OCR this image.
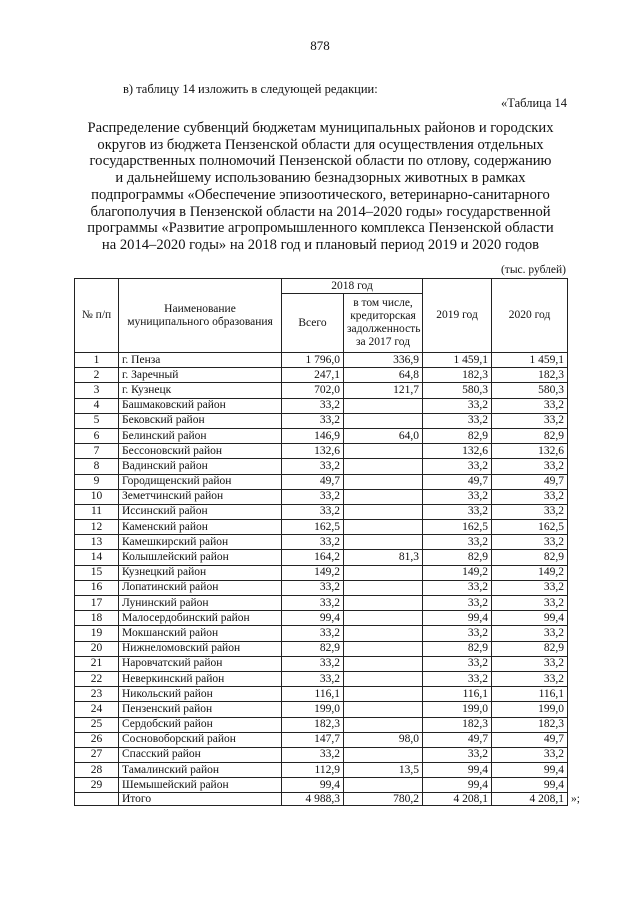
878
в) таблицу 14 изложить в следующей редакции:
«Таблица 14
Распределение субвенций бюджетам муниципальных районов и городских
округов из бюджета Пензенской области для осуществления отдельных
государственных полномочий Пензенской области по отлову, содержанию
и дальнейшему использованию безнадзорных животных в рамках
подпрограммы «Обеспечение эпизоотического, ветеринарно-санитарного
благополучия в Пензенской области на 2014–2020 годы» государственной
программы «Развитие агропромышленного комплекса Пензенской области
на 2014–2020 годы» на 2018 год и плановый период 2019 и 2020 годов
(тыс. рублей)
№ п/п	Наименование муниципального образования	2018 год		2019 год	2020 год
		Всего	в том числе, кредиторская задолженность за 2017 год		
1	г. Пенза	1 796,0	336,9	1 459,1	1 459,1
2	г. Заречный	247,1	64,8	182,3	182,3
3	г. Кузнецк	702,0	121,7	580,3	580,3
4	Башмаковский район	33,2		33,2	33,2
5	Бековский район	33,2		33,2	33,2
6	Белинский район	146,9	64,0	82,9	82,9
7	Бессоновский район	132,6		132,6	132,6
8	Вадинский район	33,2		33,2	33,2
9	Городищенский район	49,7		49,7	49,7
10	Земетчинский район	33,2		33,2	33,2
11	Иссинский район	33,2		33,2	33,2
12	Каменский район	162,5		162,5	162,5
13	Камешкирский район	33,2		33,2	33,2
14	Колышлейский район	164,2	81,3	82,9	82,9
15	Кузнецкий район	149,2		149,2	149,2
16	Лопатинский район	33,2		33,2	33,2
17	Лунинский район	33,2		33,2	33,2
18	Малосердобинский район	99,4		99,4	99,4
19	Мокшанский район	33,2		33,2	33,2
20	Нижнеломовский район	82,9		82,9	82,9
21	Наровчатский район	33,2		33,2	33,2
22	Неверкинский район	33,2		33,2	33,2
23	Никольский район	116,1		116,1	116,1
24	Пензенский район	199,0		199,0	199,0
25	Сердобский район	182,3		182,3	182,3
26	Сосновоборский район	147,7	98,0	49,7	49,7
27	Спасский район	33,2		33,2	33,2
28	Тамалинский район	112,9	13,5	99,4	99,4
29	Шемышейский район	99,4		99,4	99,4
	Итого	4 988,3	780,2	4 208,1	4 208,1 »;
